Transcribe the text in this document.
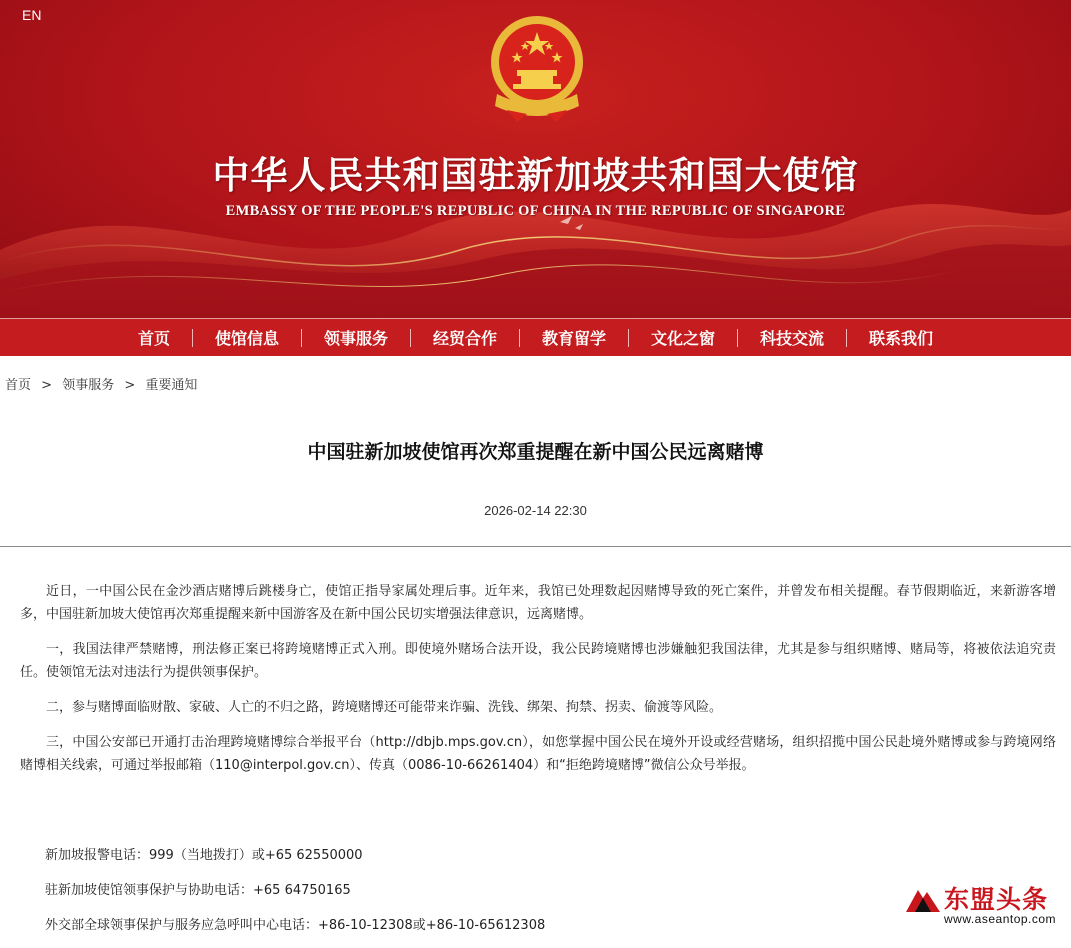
EN
中华人民共和国驻新加坡共和国大使馆
EMBASSY OF THE PEOPLE'S REPUBLIC OF CHINA IN THE REPUBLIC OF SINGAPORE
首页	使馆信息	领事服务	经贸合作	教育留学	文化之窗	科技交流	联系我们
首页 > 领事服务 > 重要通知
中国驻新加坡使馆再次郑重提醒在新中国公民远离赌博
2026-02-14 22:30

近日，一中国公民在金沙酒店赌博后跳楼身亡，使馆正指导家属处理后事。近年来，我馆已处理数起因赌博导致的死亡案件，并曾发布相关提醒。春节假期临近，来新游客增多，中国驻新加坡大使馆再次郑重提醒来新中国游客及在新中国公民切实增强法律意识，远离赌博。

一，我国法律严禁赌博，刑法修正案已将跨境赌博正式入刑。即使境外赌场合法开设，我公民跨境赌博也涉嫌触犯我国法律，尤其是参与组织赌博、赌局等，将被依法追究责任。使领馆无法对违法行为提供领事保护。

二，参与赌博面临财散、家破、人亡的不归之路，跨境赌博还可能带来诈骗、洗钱、绑架、拘禁、拐卖、偷渡等风险。

三，中国公安部已开通打击治理跨境赌博综合举报平台（http://dbjb.mps.gov.cn），如您掌握中国公民在境外开设或经营赌场，组织招揽中国公民赴境外赌博或参与跨境网络赌博相关线索，可通过举报邮箱（110@interpol.gov.cn）、传真（0086-10-66261404）和“拒绝跨境赌博”微信公众号举报。

新加坡报警电话：999（当地拨打）或+65 62550000

驻新加坡使馆领事保护与协助电话：+65 64750165

外交部全球领事保护与服务应急呼叫中心电话：+86-10-12308或+86-10-65612308

东盟头条
www.aseantop.com
